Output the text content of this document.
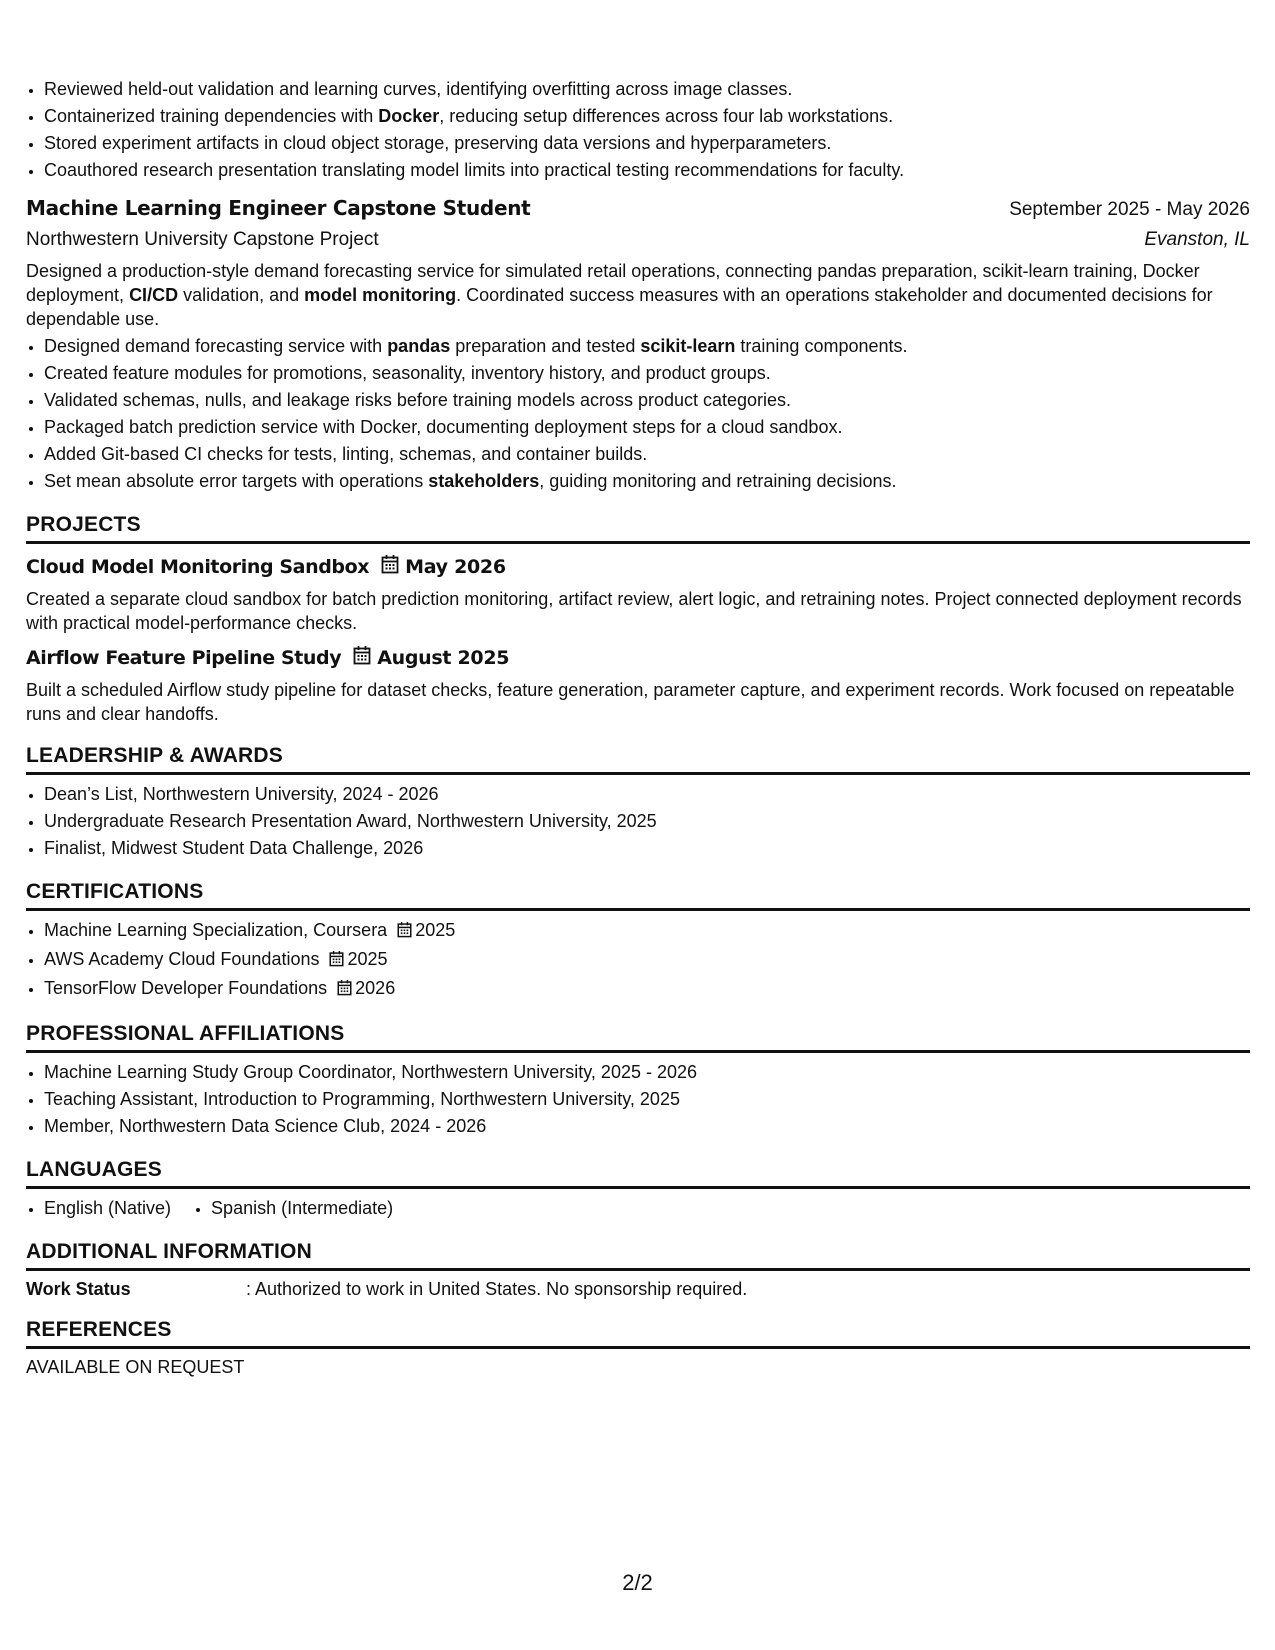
• Reviewed held-out validation and learning curves, identifying overfitting across image classes.
• Containerized training dependencies with Docker, reducing setup differences across four lab workstations.
• Stored experiment artifacts in cloud object storage, preserving data versions and hyperparameters.
• Coauthored research presentation translating model limits into practical testing recommendations for faculty.
Machine Learning Engineer Capstone Student	September 2025 - May 2026
Northwestern University Capstone Project	Evanston, IL
Designed a production-style demand forecasting service for simulated retail operations, connecting pandas preparation, scikit-learn training, Docker deployment, CI/CD validation, and model monitoring. Coordinated success measures with an operations stakeholder and documented decisions for dependable use.
• Designed demand forecasting service with pandas preparation and tested scikit-learn training components.
• Created feature modules for promotions, seasonality, inventory history, and product groups.
• Validated schemas, nulls, and leakage risks before training models across product categories.
• Packaged batch prediction service with Docker, documenting deployment steps for a cloud sandbox.
• Added Git-based CI checks for tests, linting, schemas, and container builds.
• Set mean absolute error targets with operations stakeholders, guiding monitoring and retraining decisions.
PROJECTS
Cloud Model Monitoring Sandbox May 2026
Created a separate cloud sandbox for batch prediction monitoring, artifact review, alert logic, and retraining notes. Project connected deployment records with practical model-performance checks.
Airflow Feature Pipeline Study August 2025
Built a scheduled Airflow study pipeline for dataset checks, feature generation, parameter capture, and experiment records. Work focused on repeatable runs and clear handoffs.
LEADERSHIP & AWARDS
• Dean’s List, Northwestern University, 2024 - 2026
• Undergraduate Research Presentation Award, Northwestern University, 2025
• Finalist, Midwest Student Data Challenge, 2026
CERTIFICATIONS
• Machine Learning Specialization, Coursera 2025
• AWS Academy Cloud Foundations 2025
• TensorFlow Developer Foundations 2026
PROFESSIONAL AFFILIATIONS
• Machine Learning Study Group Coordinator, Northwestern University, 2025 - 2026
• Teaching Assistant, Introduction to Programming, Northwestern University, 2025
• Member, Northwestern Data Science Club, 2024 - 2026
LANGUAGES
• English (Native)
• Spanish (Intermediate)
ADDITIONAL INFORMATION
Work Status	: Authorized to work in United States. No sponsorship required.
REFERENCES
AVAILABLE ON REQUEST
2/2
